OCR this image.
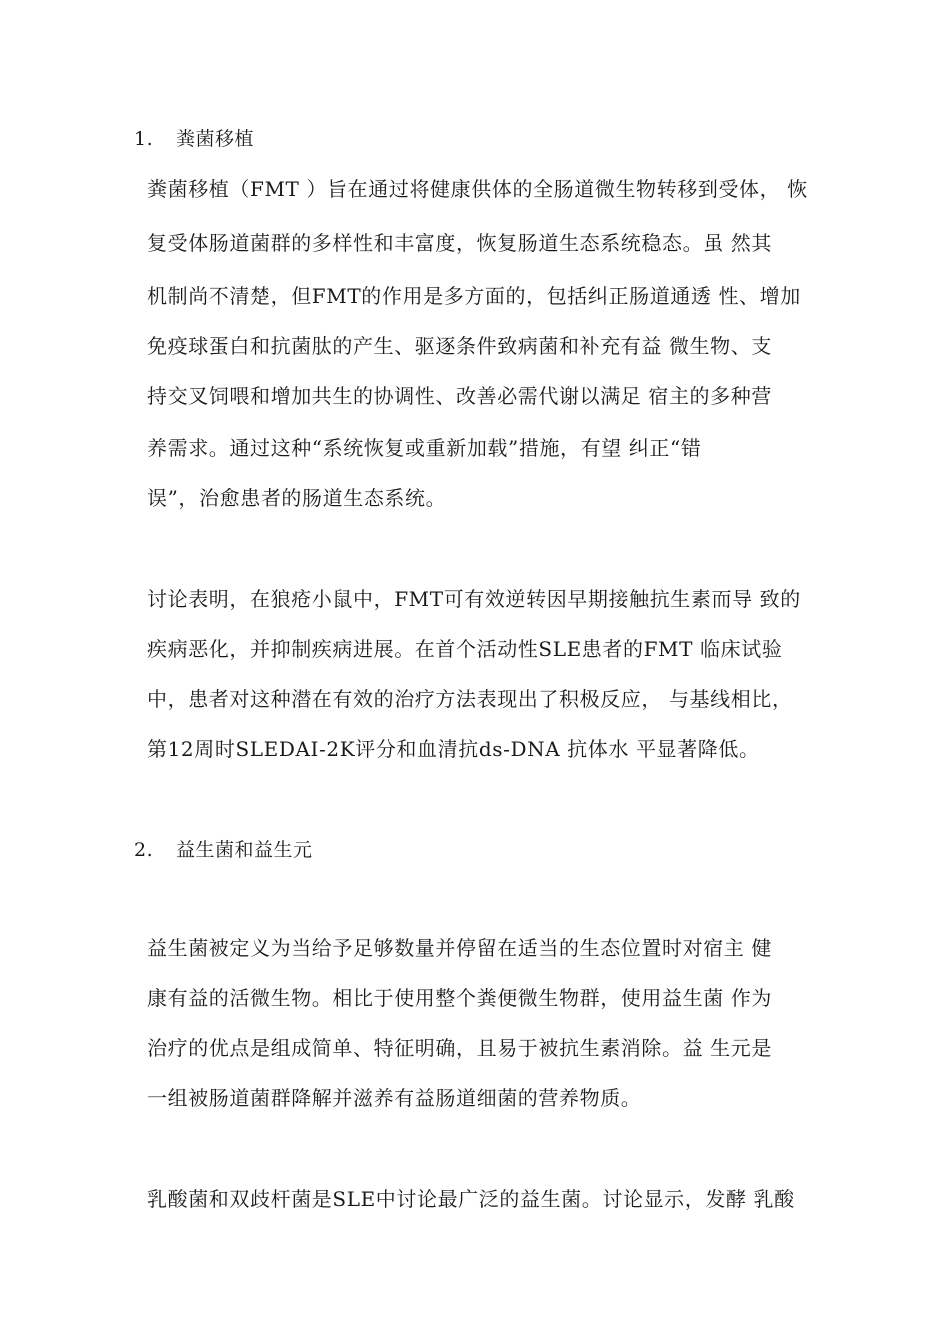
1. 粪菌移植
粪菌移植（FMT ）旨在通过将健康供体的全肠道微生物转移到受体， 恢
复受体肠道菌群的多样性和丰富度，恢复肠道生态系统稳态。虽 然其
机制尚不清楚，但FMT的作用是多方面的，包括纠正肠道通透 性、增加
免疫球蛋白和抗菌肽的产生、驱逐条件致病菌和补充有益 微生物、支
持交叉饲喂和增加共生的协调性、改善必需代谢以满足 宿主的多种营
养需求。通过这种“系统恢复或重新加载”措施，有望 纠正“错
误”，治愈患者的肠道生态系统。
讨论表明，在狼疮小鼠中，FMT可有效逆转因早期接触抗生素而导 致的
疾病恶化，并抑制疾病进展。在首个活动性SLE患者的FMT 临床试验
中，患者对这种潜在有效的治疗方法表现出了积极反应， 与基线相比，
第12周时SLEDAI-2K评分和血清抗ds-DNA 抗体水 平显著降低。
2. 益生菌和益生元
益生菌被定义为当给予足够数量并停留在适当的生态位置时对宿主 健
康有益的活微生物。相比于使用整个粪便微生物群，使用益生菌 作为
治疗的优点是组成简单、特征明确，且易于被抗生素消除。益 生元是
一组被肠道菌群降解并滋养有益肠道细菌的营养物质。
乳酸菌和双歧杆菌是SLE中讨论最广泛的益生菌。讨论显示，发酵 乳酸
